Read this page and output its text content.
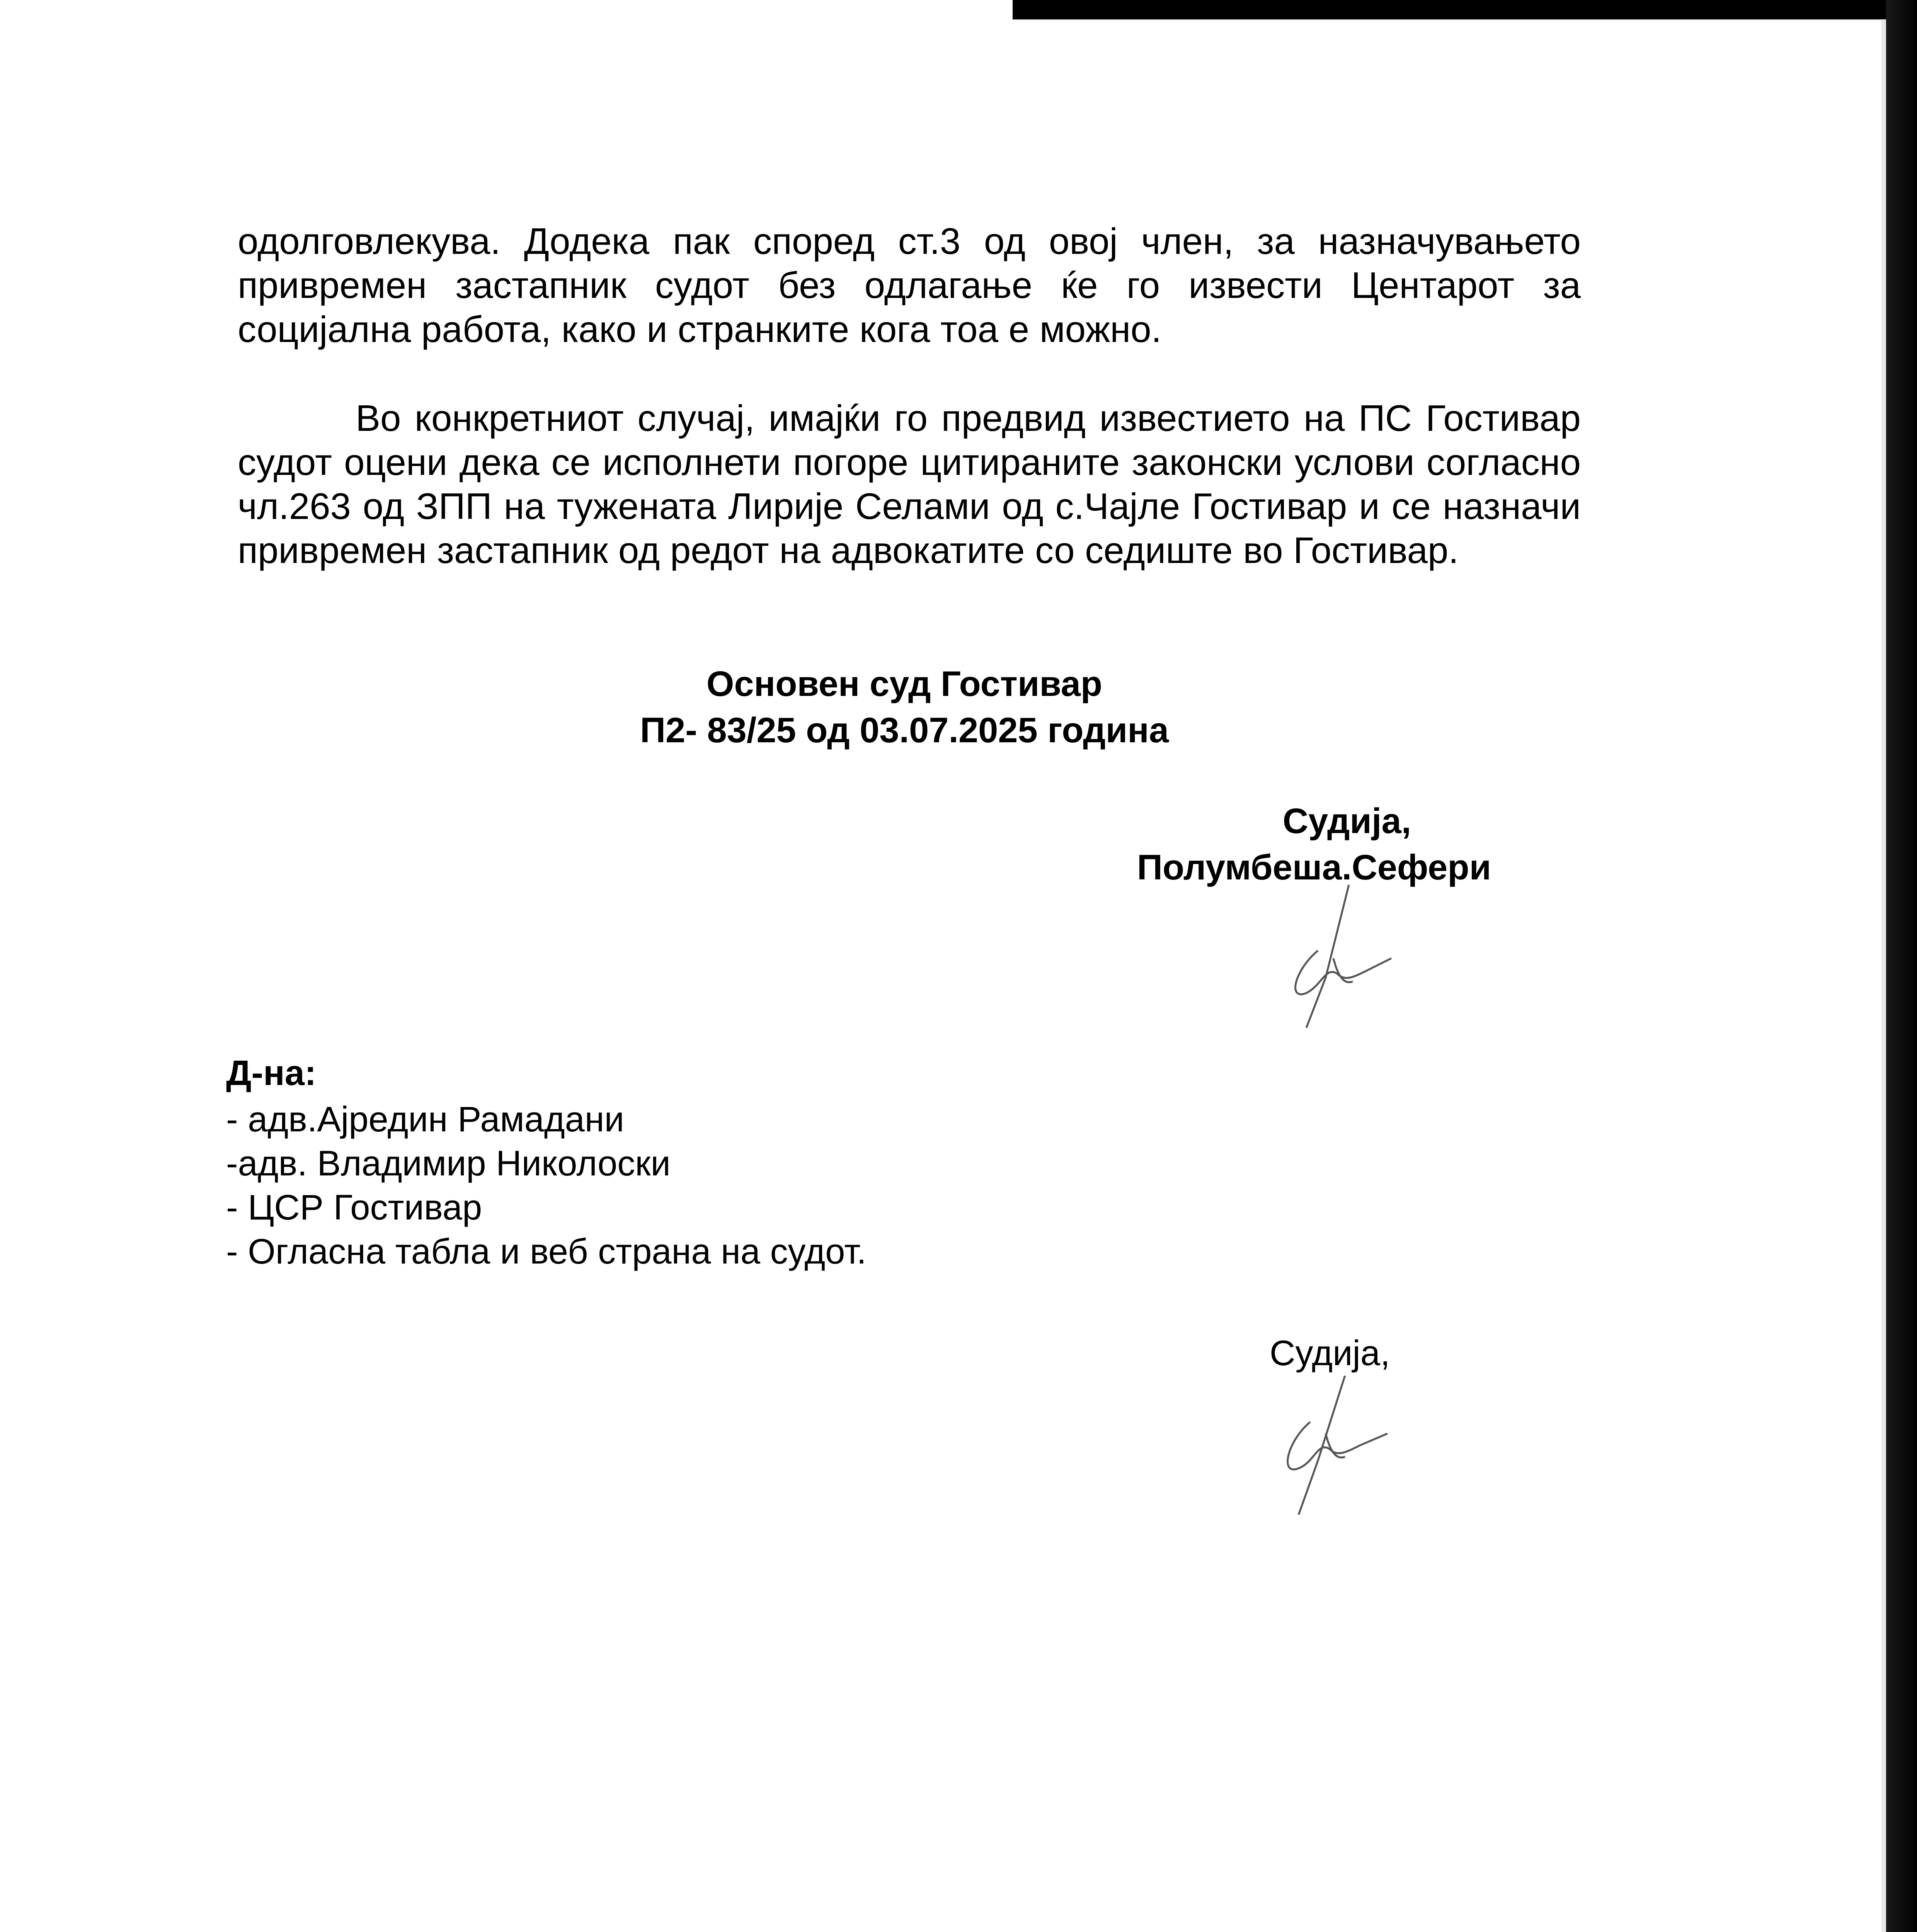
одолговлекува. Додека пак според ст.3 од овој член, за назначувањето привремен застапник судот без одлагање ќе го извести Центарот за социјална работа, како и странките кога тоа е можно.

Во конкретниот случај, имајќи го предвид известието на ПС Гостивар судот оцени дека се исполнети погоре цитираните законски услови согласно чл.263 од ЗПП на тужената Лирије Селами од с.Чајле Гостивар и се назначи привремен застапник од редот на адвокатите со седиште во Гостивар.

Основен суд Гостивар
П2- 83/25 од 03.07.2025 година
Судија,
Полумбеша.Сефери
Д-на:
- адв.Ајредин Рамадани
-адв. Владимир Николоски
- ЦСР Гостивар
- Огласна табла и веб страна на судот.
Судија,
